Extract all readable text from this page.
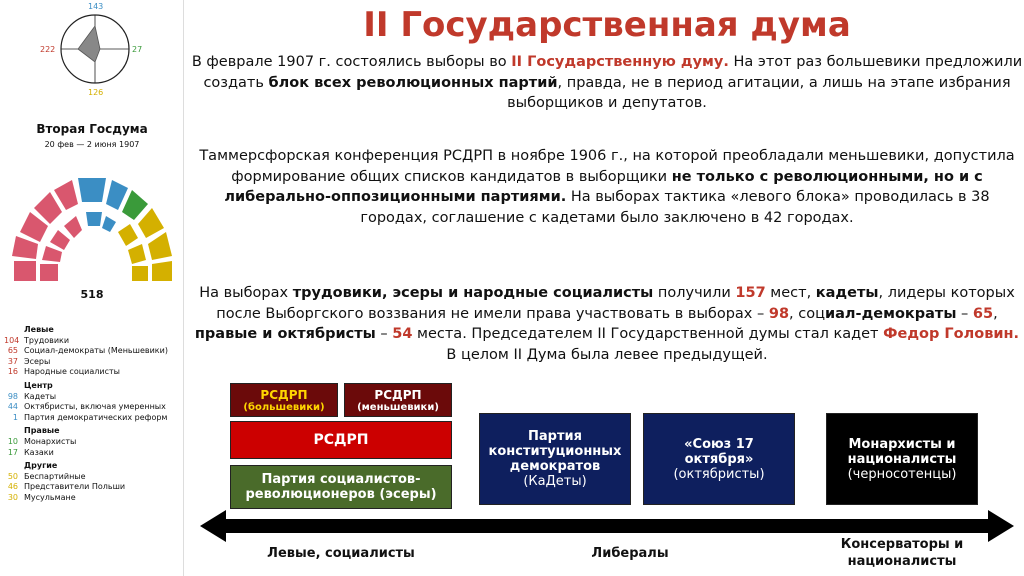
143
222	27
126
Вторая Госдума
20 фев — 2 июня 1907
518
Левые
104 Трудовики
65 Социал-демократы (Меньшевики)
37 Эсеры
16 Народные социалисты
Центр
98 Кадеты
44 Октябристы, включая умеренных
1 Партия демократических реформ
Правые
10 Монархисты
17 Казаки
Другие
50 Беспартийные
46 Представители Польши
30 Мусульмане
II Государственная дума
В феврале 1907 г. состоялись выборы во II Государственную думу. На этот раз большевики предложили создать блок всех революционных партий, правда, не в период агитации, а лишь на этапе избрания выборщиков и депутатов.
Таммерсфорская конференция РСДРП в ноябре 1906 г., на которой преобладали меньшевики, допустила формирование общих списков кандидатов в выборщики не только с революционными, но и с либерально-оппозиционными партиями. На выборах тактика «левого блока» проводилась в 38 городах, соглашение с кадетами было заключено в 42 городах.
На выборах трудовики, эсеры и народные социалисты получили 157 мест, кадеты, лидеры которых после Выборгского воззвания не имели права участвовать в выборах – 98, социал-демократы – 65, правые и октябристы – 54 места. Председателем II Государственной думы стал кадет Федор Головин. В целом II Дума была левее предыдущей.
РСДРП
(большевики)
РСДРП
(меньшевики)
РСДРП
Партия социалистов-
революционеров (эсеры)
Партия
конституционных
демократов
(КаДеты)
«Союз 17
октября»
(октябристы)
Монархисты и
националисты
(черносотенцы)
Левые, социалисты	Либералы
Консерваторы и
националисты
